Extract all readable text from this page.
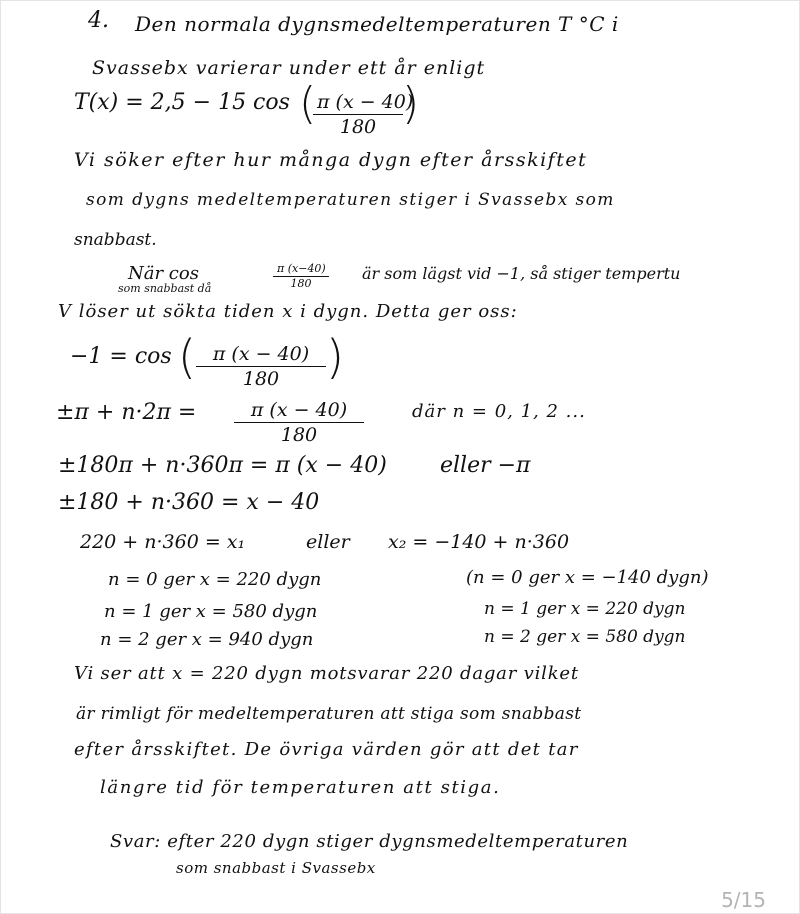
4. Den normala dygnsmedeltemperaturen T °C i
Svassebx varierar under ett år enligt
T(x) = 2,5 − 15 cos (
$\frac{\pi (x - 40)}{180}$ )
Vi söker efter hur många dygn efter årsskiftet
som dygns medeltemperaturen stiger i Svassebx som
snabbast.
När cos	$\frac{\pi (x-40)}{180}$ är som lägst vid −1, så stiger tempertu
som snabbast då
V löser ut sökta tiden x i dygn. Detta ger oss:
−1 = cos ( $\frac{\pi (x - 40)}{180}$ )
$\pm\pi + n\cdot 2\pi = \frac{\pi (x - 40)}{180}$	där n = 0, 1, 2 ...
±180π + n·360π = π (x − 40) eller −π
±180 + n·360 = x − 40
220 + n·360 = x₁	eller x₂ = −140 + n·360
n = 0 ger x = 220 dygn
n = 1 ger x = 580 dygn
n = 2 ger x = 940 dygn
(n = 0 ger x = −140 dygn)
n = 1 ger x = 220 dygn
n = 2 ger x = 580 dygn
Vi ser att x = 220 dygn motsvarar 220 dagar vilket
är rimligt för medeltemperaturen att stiga som snabbast
efter årsskiftet. De övriga värden gör att det tar
längre tid för temperaturen att stiga.
Svar: efter 220 dygn stiger dygnsmedeltemperaturen
som snabbast i Svassebx
5/15
